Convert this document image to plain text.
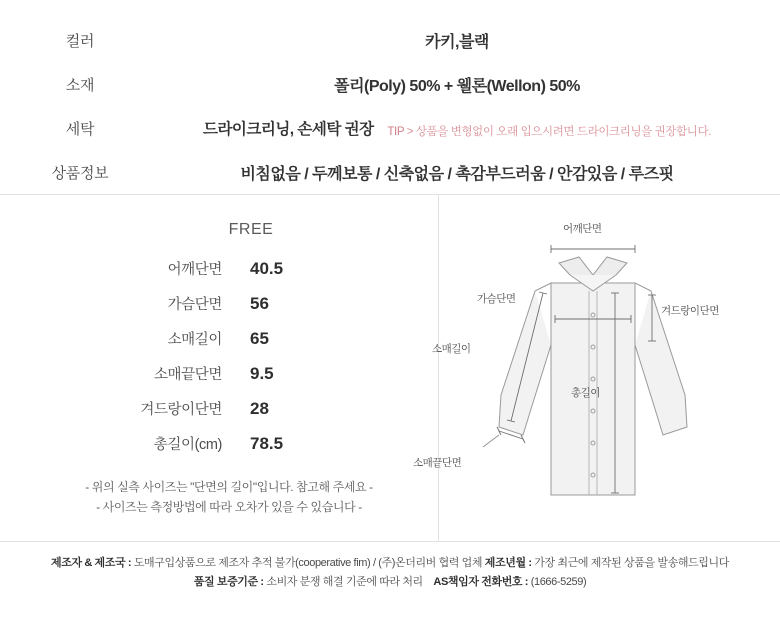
컬러	카키,블랙
소재	폴리(Poly) 50% + 웰론(Wellon) 50%
세탁	드라이크리닝, 손세탁 권장 TIP > 상품을 변형없이 오래 입으시려면 드라이크리닝을 권장합니다.
상품정보	비침없음 / 두께보통 / 신축없음 / 촉감부드러움 / 안감있음 / 루즈핏
FREE
어깨단면	40.5
가슴단면	56
소매길이	65
소매끝단면	9.5
겨드랑이단면	28
총길이(cm)	78.5
- 위의 실측 사이즈는 "단면의 길이"입니다. 참고해 주세요 -
- 사이즈는 측정방법에 따라 오차가 있을 수 있습니다 -
어깨단면
겨드랑이단면
가슴단면
소매길이
총길이
소매끝단면
제조자 & 제조국 : 도매구입상품으로 제조자 추적 불가(cooperative fim) / (주)온더리버 협력 업체 제조년월 : 가장 최근에 제작된 상품을 발송해드립니다
품질 보증기준 : 소비자 분쟁 해결 기준에 따라 처리 AS책임자 전화번호 : (1666-5259)
